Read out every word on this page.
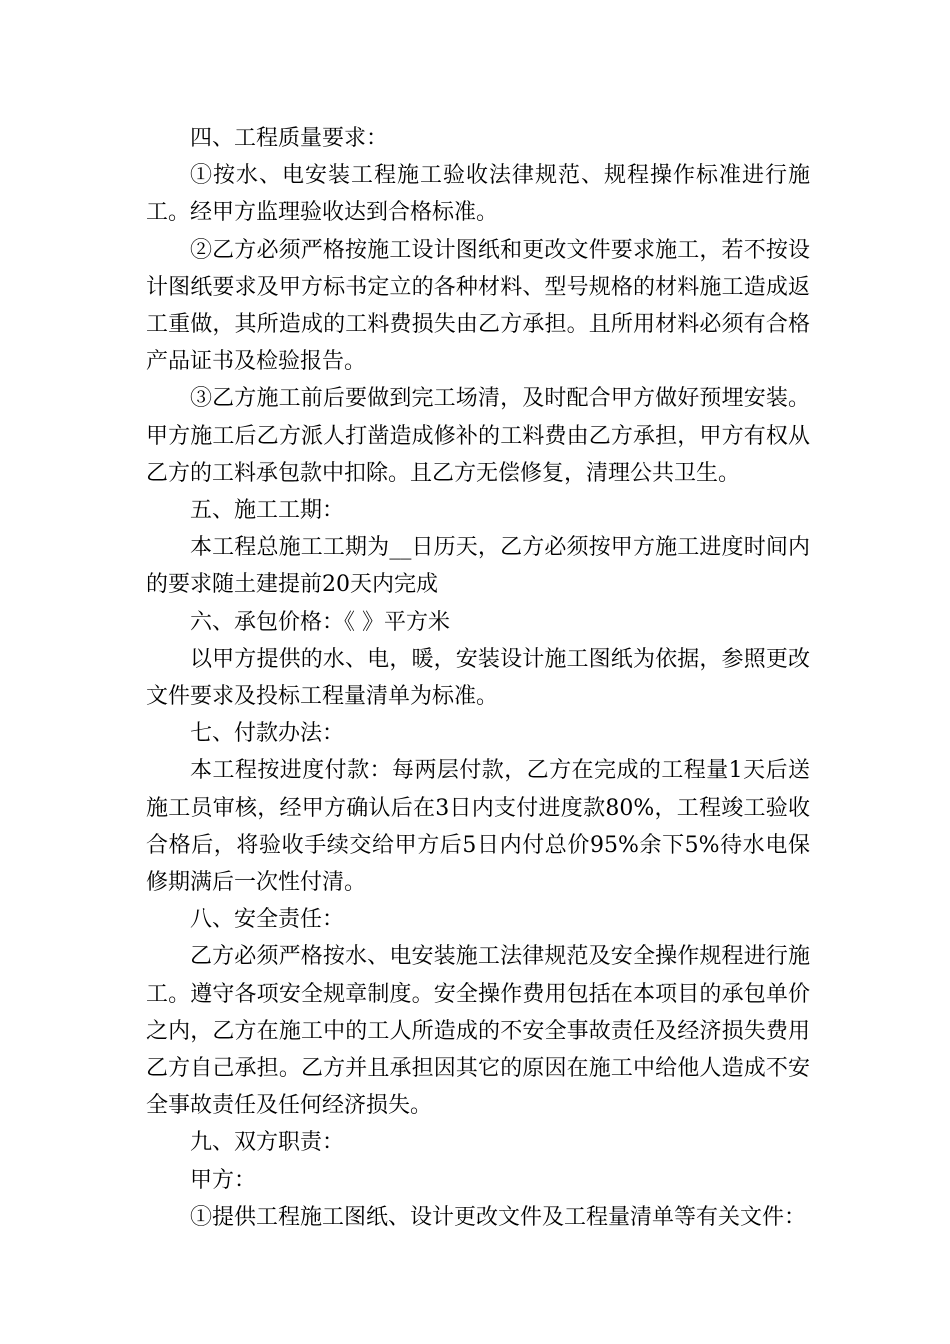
四、工程质量要求：

①按水、电安装工程施工验收法律规范、规程操作标准进行施工。经甲方监理验收达到合格标准。

②乙方必须严格按施工设计图纸和更改文件要求施工，若不按设计图纸要求及甲方标书定立的各种材料、型号规格的材料施工造成返工重做，其所造成的工料费损失由乙方承担。且所用材料必须有合格产品证书及检验报告。

③乙方施工前后要做到完工场清，及时配合甲方做好预埋安装。甲方施工后乙方派人打凿造成修补的工料费由乙方承担，甲方有权从乙方的工料承包款中扣除。且乙方无偿修复，清理公共卫生。

五、施工工期：

本工程总施工工期为__日历天，乙方必须按甲方施工进度时间内的要求随土建提前20天内完成

六、承包价格：《 》平方米

以甲方提供的水、电，暖，安装设计施工图纸为依据，参照更改文件要求及投标工程量清单为标准。

七、付款办法：

本工程按进度付款：每两层付款，乙方在完成的工程量1天后送施工员审核，经甲方确认后在3日内支付进度款80%，工程竣工验收合格后，将验收手续交给甲方后5日内付总价95%余下5%待水电保修期满后一次性付清。

八、安全责任：

乙方必须严格按水、电安装施工法律规范及安全操作规程进行施工。遵守各项安全规章制度。安全操作费用包括在本项目的承包单价之内，乙方在施工中的工人所造成的不安全事故责任及经济损失费用乙方自己承担。乙方并且承担因其它的原因在施工中给他人造成不安全事故责任及任何经济损失。

九、双方职责：

甲方：

①提供工程施工图纸、设计更改文件及工程量清单等有关文件：
